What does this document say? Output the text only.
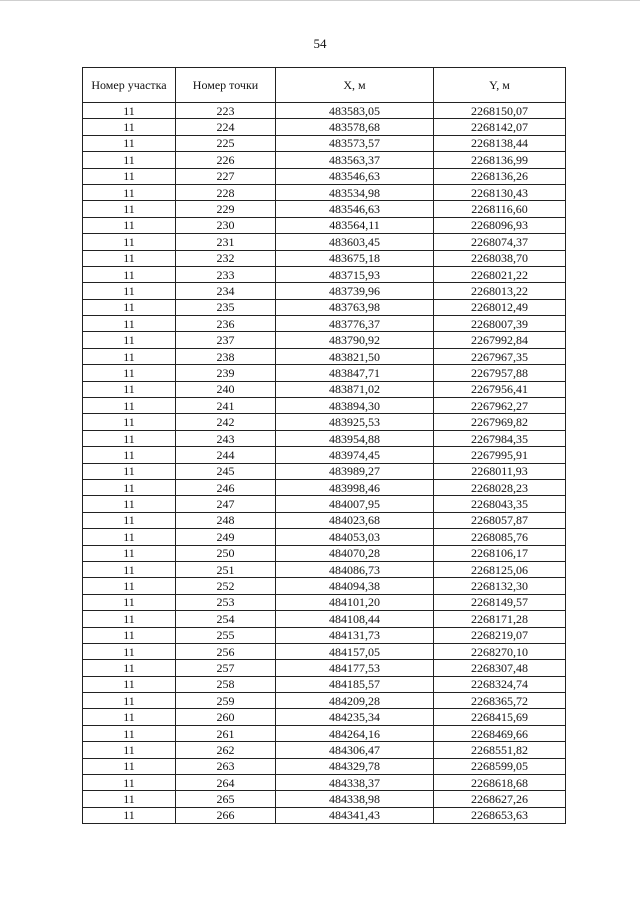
54
Номер участка	Номер точки	X, м	Y, м
11	223	483583,05	2268150,07
11	224	483578,68	2268142,07
11	225	483573,57	2268138,44
11	226	483563,37	2268136,99
11	227	483546,63	2268136,26
11	228	483534,98	2268130,43
11	229	483546,63	2268116,60
11	230	483564,11	2268096,93
11	231	483603,45	2268074,37
11	232	483675,18	2268038,70
11	233	483715,93	2268021,22
11	234	483739,96	2268013,22
11	235	483763,98	2268012,49
11	236	483776,37	2268007,39
11	237	483790,92	2267992,84
11	238	483821,50	2267967,35
11	239	483847,71	2267957,88
11	240	483871,02	2267956,41
11	241	483894,30	2267962,27
11	242	483925,53	2267969,82
11	243	483954,88	2267984,35
11	244	483974,45	2267995,91
11	245	483989,27	2268011,93
11	246	483998,46	2268028,23
11	247	484007,95	2268043,35
11	248	484023,68	2268057,87
11	249	484053,03	2268085,76
11	250	484070,28	2268106,17
11	251	484086,73	2268125,06
11	252	484094,38	2268132,30
11	253	484101,20	2268149,57
11	254	484108,44	2268171,28
11	255	484131,73	2268219,07
11	256	484157,05	2268270,10
11	257	484177,53	2268307,48
11	258	484185,57	2268324,74
11	259	484209,28	2268365,72
11	260	484235,34	2268415,69
11	261	484264,16	2268469,66
11	262	484306,47	2268551,82
11	263	484329,78	2268599,05
11	264	484338,37	2268618,68
11	265	484338,98	2268627,26
11	266	484341,43	2268653,63
